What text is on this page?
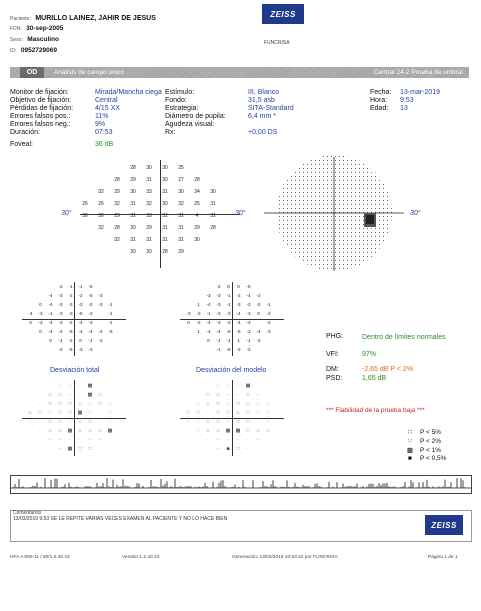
Paciente: MURILLO LAINEZ, JAHIR DE JESUS
FDN: 30-sep-2005
Sexo: Masculino
ID: 0952729069
ZEISS
FUNCRISA
Análisis de campo único	Central 24-2 Prueba de umbral
OD
Monitor de fijación:	Mirada/Mancha ciega
Objetivo de fijación:	Central
Pérdidas de fijación:	4/15 XX
Errores falsos pos.:	11%
Errores falsos neg.:	9%
Duración:	07:53
Estímulo:	III, Blanco
Fondo:	31,5 asb
Estrategia:	SITA-Standard
Diámetro de pupila:	6,4 mm *
Agudeza visual:
Rx:	+0,00 DS
Fecha: 13-mar-2019
Hora: 9:53
Edad: 13
Foveal:	36 dB
28	30	30	25
28	29	31	30	27	28
32	29	30	33	31	30	34	30
26	26	32	31	32	30	32	25	31
30	30	29	31	33	31	31	4	31
32	28	30	29	31	31	29	28
32	31	31	31	31	30
30	30	28	29
30°	30°	30°
-2	-1	-1	-5
-4	-3	-2	-2	-5	-3
0	-4	-3	-3	-3	-2	-3	-1
-4	-3	-1	-3	-3	-5	-2	-1
0	-2	-4	-3	-2	-4	-3	-1
0	-4	-4	-5	-4	-4	-4	-5
0	-1	-2	0	-1	-2
-2	-5	-3	-3
-2	0	0	-5
-3	-3	-1	-2	-4	-2
1	-4	-3	-1	-3	-3	-2	-1
-3	-3	-1	-3	-3	-4	-3	0	-2
0	-2	-4	-3	-2	-4	-3	-2
1	-4	-4	-5	-5	-3	-4	-3
0	-1	-1	1	-1	-2
-1	-8	-3	-2
Desviación total	Desviación del modelo
·	·	·	▩
⁙	∷	·	·	▩	∷
·	⁙	∷	∷	∷	·	∷	·
⁙	∷	·	∷	∷	▩	·	·
·	·	⁙	∷	·	⁙	∷	·
·	⁙	⁙	▩	⁙	⁙	⁙	▩
·	·	·	·	·	·
·	▩	∷	∷
·	·	·	▩
∷	∷	·	·	⁙	·
·	⁙	∷	·	∷	∷	·	·
∷	∷	·	∷	∷	⁙	∷	·	·
·	·	⁙	∷	·	⁙	∷	·
·	⁙	⁙	▩	▩	∷	⁙	∷
·	·	·	·	·	·
·	■	∷	·
PHG:	Dentro de límites normales
VFI:	97%
DM:	-2,65 dB P < 2%
PSD:	1,65 dB
*** Fiabilidad de la prueba baja ***
∷ P < 5%
⁙ P < 2%
▩ P < 1%
■ P < 0,5%
Comentarios
13/03/2019 9:53 SE LE REPITE VARIAS VECES EXAMEN AL PACIENTE Y NO LO HACE BIEN
ZEISS
HFA II 860-11 / 50/1.2.40.43	Versión 1.2.40.43	Generación: 13/03/2019 10:53:42 por FUNCRISA	Página 1 de 1
